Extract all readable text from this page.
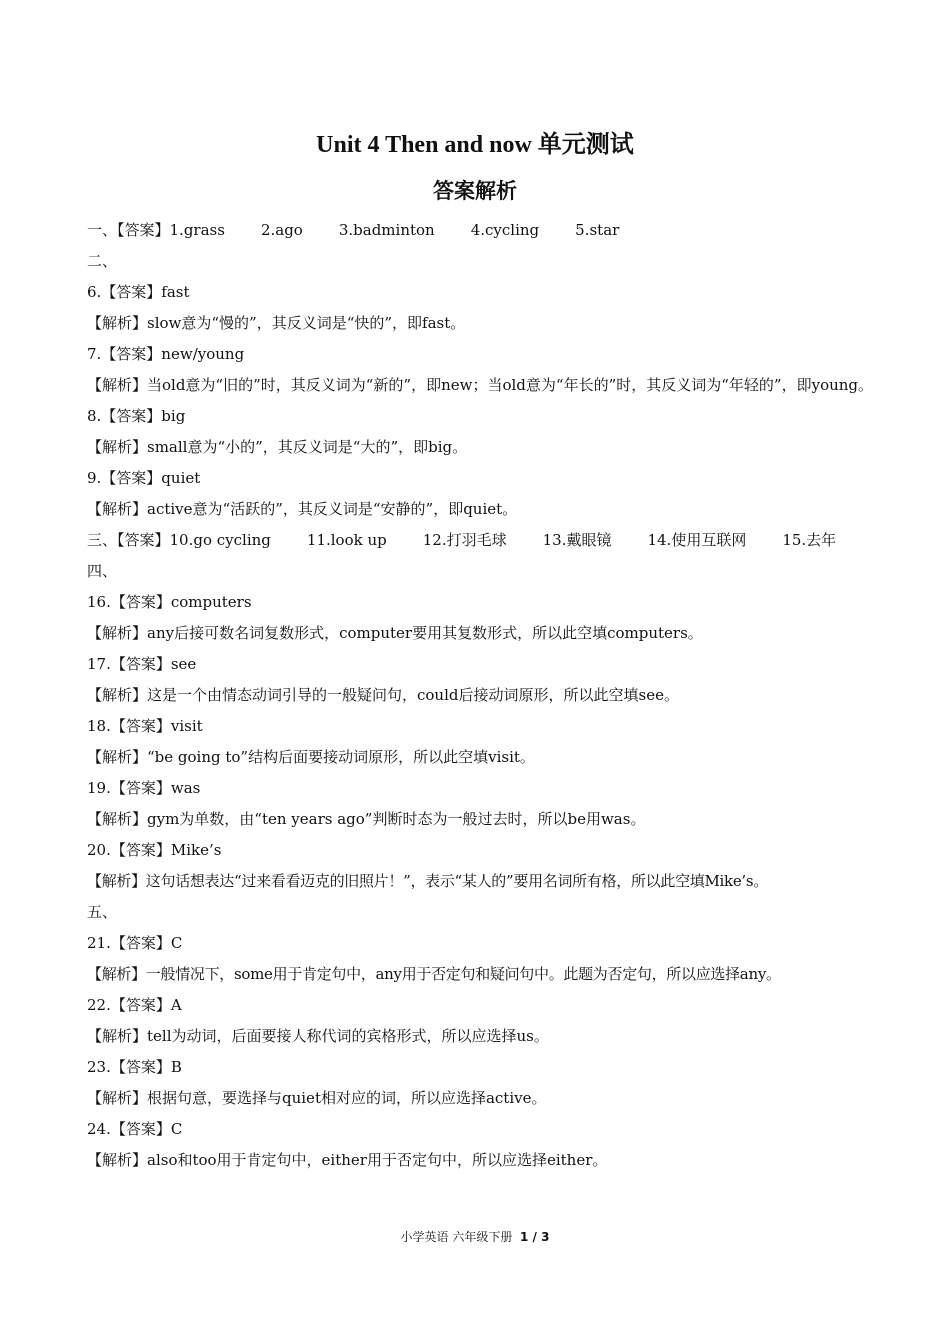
Unit 4 Then and now 单元测试
答案解析
一、【答案】1.grass 2.ago 3.badminton 4.cycling 5.star
二、
6.【答案】fast
【解析】slow意为“慢的”，其反义词是“快的”，即fast。
7.【答案】new/young
【解析】当old意为“旧的”时，其反义词为“新的”，即new；当old意为“年长的”时，其反义词为“年轻的”，即young。
8.【答案】big
【解析】small意为“小的”，其反义词是“大的”，即big。
9.【答案】quiet
【解析】active意为“活跃的”，其反义词是“安静的”，即quiet。
三、【答案】10.go cycling 11.look up 12.打羽毛球 13.戴眼镜 14.使用互联网 15.去年
四、
16.【答案】computers
【解析】any后接可数名词复数形式，computer要用其复数形式，所以此空填computers。
17.【答案】see
【解析】这是一个由情态动词引导的一般疑问句，could后接动词原形，所以此空填see。
18.【答案】visit
【解析】“be going to”结构后面要接动词原形，所以此空填visit。
19.【答案】was
【解析】gym为单数，由“ten years ago”判断时态为一般过去时，所以be用was。
20.【答案】Mike’s
【解析】这句话想表达“过来看看迈克的旧照片！”，表示“某人的”要用名词所有格，所以此空填Mike’s。
五、
21.【答案】C
【解析】一般情况下，some用于肯定句中，any用于否定句和疑问句中。此题为否定句，所以应选择any。
22.【答案】A
【解析】tell为动词，后面要接人称代词的宾格形式，所以应选择us。
23.【答案】B
【解析】根据句意，要选择与quiet相对应的词，所以应选择active。
24.【答案】C
【解析】also和too用于肯定句中，either用于否定句中，所以应选择either。
小学英语 六年级下册 1 / 3
